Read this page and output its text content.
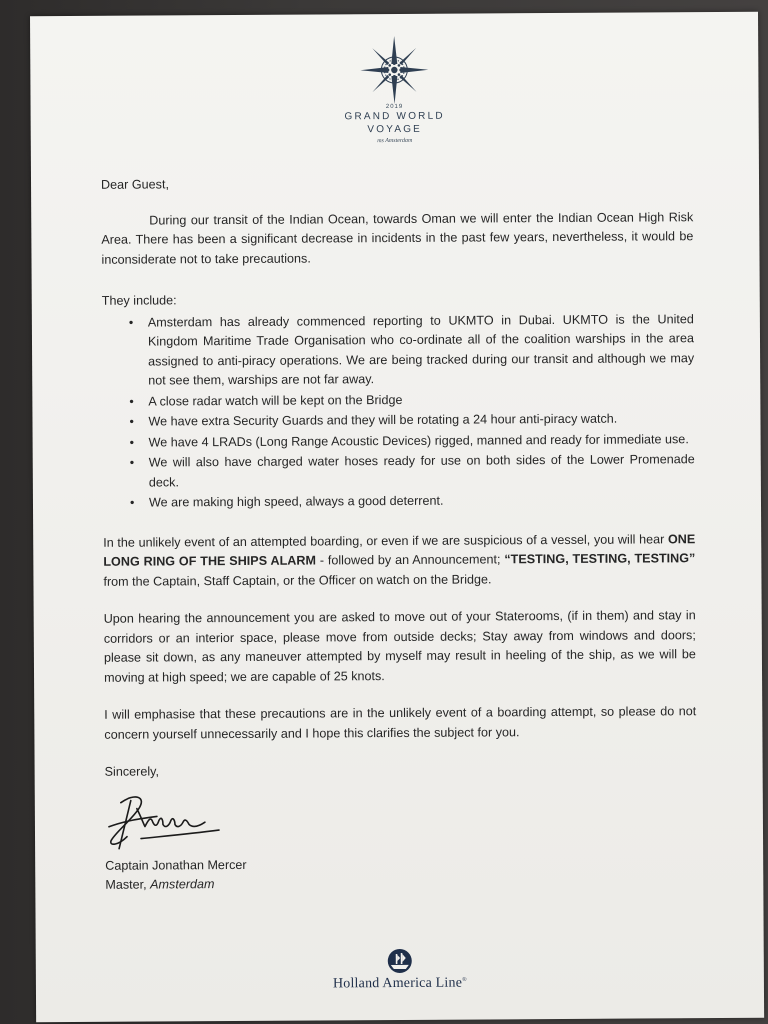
2019
GRAND WORLD
VOYAGE
ms Amsterdam

Dear Guest,

During our transit of the Indian Ocean, towards Oman we will enter the Indian Ocean High Risk Area. There has been a significant decrease in incidents in the past few years, nevertheless, it would be inconsiderate not to take precautions.

They include:

• Amsterdam has already commenced reporting to UKMTO in Dubai. UKMTO is the United Kingdom Maritime Trade Organisation who co-ordinate all of the coalition warships in the area assigned to anti-piracy operations. We are being tracked during our transit and although we may not see them, warships are not far away.
• A close radar watch will be kept on the Bridge
• We have extra Security Guards and they will be rotating a 24 hour anti-piracy watch.
• We have 4 LRADs (Long Range Acoustic Devices) rigged, manned and ready for immediate use.
• We will also have charged water hoses ready for use on both sides of the Lower Promenade deck.
• We are making high speed, always a good deterrent.

In the unlikely event of an attempted boarding, or even if we are suspicious of a vessel, you will hear ONE LONG RING OF THE SHIPS ALARM - followed by an Announcement; “TESTING, TESTING, TESTING” from the Captain, Staff Captain, or the Officer on watch on the Bridge.

Upon hearing the announcement you are asked to move out of your Staterooms, (if in them) and stay in corridors or an interior space, please move from outside decks; Stay away from windows and doors; please sit down, as any maneuver attempted by myself may result in heeling of the ship, as we will be moving at high speed; we are capable of 25 knots.

I will emphasise that these precautions are in the unlikely event of a boarding attempt, so please do not concern yourself unnecessarily and I hope this clarifies the subject for you.

Sincerely,

Captain Jonathan Mercer

Master, Amsterdam

Holland America Line®
